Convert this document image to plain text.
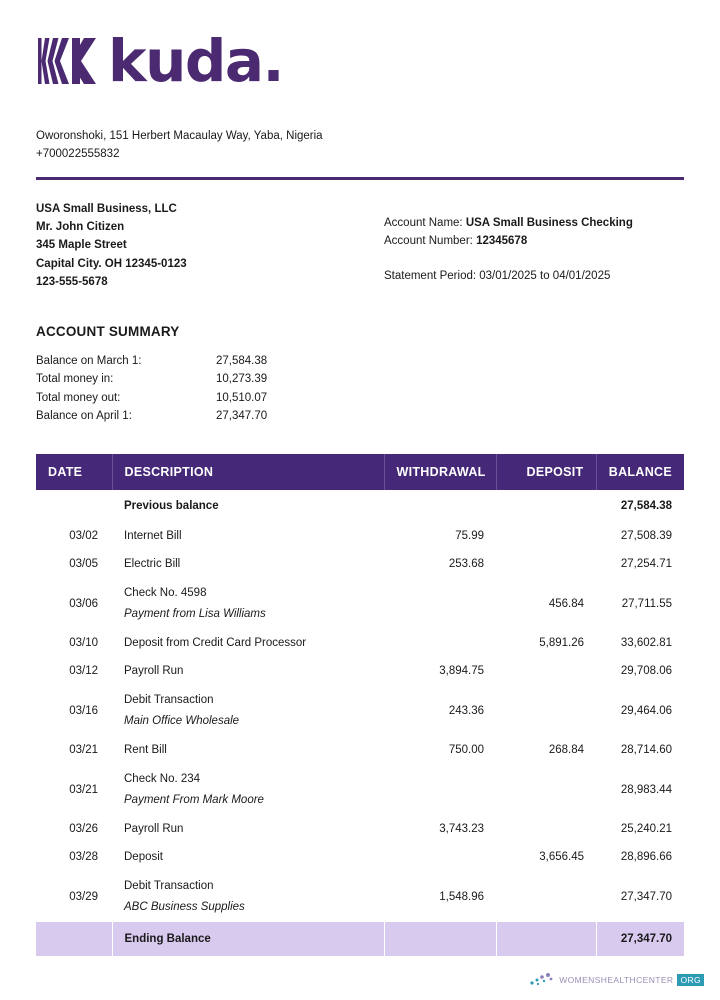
kuda.
Oworonshoki, 151 Herbert Macaulay Way, Yaba, Nigeria
+700022555832
USA Small Business, LLC
Mr. John Citizen
345 Maple Street
Capital City. OH 12345-0123
123-555-5678
Account Name: USA Small Business Checking
Account Number: 12345678
Statement Period: 03/01/2025 to 04/01/2025
ACCOUNT SUMMARY
Balance on March 1:	27,584.38
Total money in:	10,273.39
Total money out:	10,510.07
Balance on April 1:	27,347.70
DATE	DESCRIPTION	WITHDRAWAL	DEPOSIT	BALANCE

	Previous balance			27,584.38
03/02	Internet Bill	75.99		27,508.39
03/05	Electric Bill	253.68		27,254.71
03/06	Check No. 4598
Payment from Lisa Williams		456.84	27,711.55
03/10	Deposit from Credit Card Processor		5,891.26	33,602.81
03/12	Payroll Run	3,894.75		29,708.06
03/16	Debit Transaction
Main Office Wholesale	243.36		29,464.06
03/21	Rent Bill	750.00	268.84	28,714.60
03/21	Check No. 234
Payment From Mark Moore			28,983.44
03/26	Payroll Run	3,743.23		25,240.21
03/28	Deposit		3,656.45	28,896.66
03/29	Debit Transaction
ABC Business Supplies	1,548.96		27,347.70

	Ending Balance			27,347.70
WOMENSHEALTHCENTER ORG
